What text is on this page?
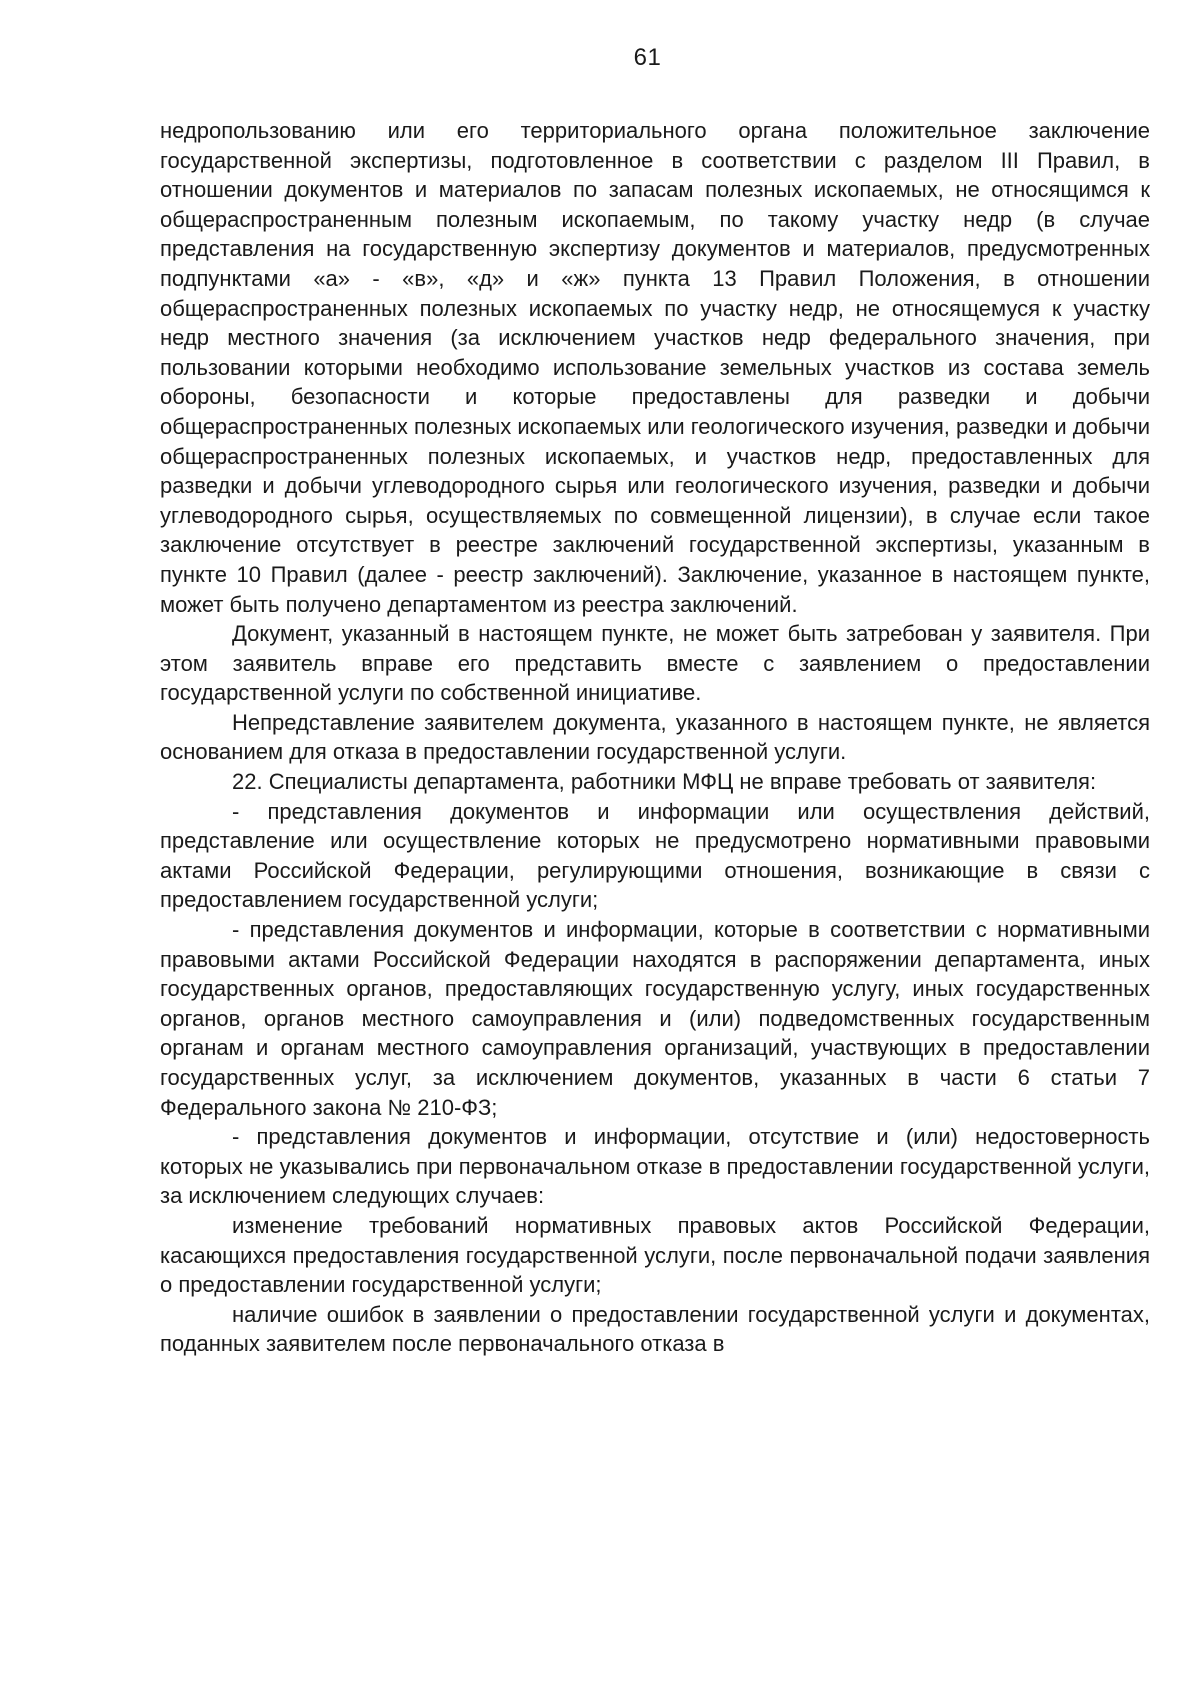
61

недропользованию или его территориального органа положительное заключение государственной экспертизы, подготовленное в соответствии с разделом III Правил, в отношении документов и материалов по запасам полезных ископаемых, не относящимся к общераспространенным полезным ископаемым, по такому участку недр (в случае представления на государственную экспертизу документов и материалов, предусмотренных подпунктами «а» - «в», «д» и «ж» пункта 13 Правил Положения, в отношении общераспространенных полезных ископаемых по участку недр, не относящемуся к участку недр местного значения (за исключением участков недр федерального значения, при пользовании которыми необходимо использование земельных участков из состава земель обороны, безопасности и которые предоставлены для разведки и добычи общераспространенных полезных ископаемых или геологического изучения, разведки и добычи общераспространенных полезных ископаемых, и участков недр, предоставленных для разведки и добычи углеводородного сырья или геологического изучения, разведки и добычи углеводородного сырья, осуществляемых по совмещенной лицензии), в случае если такое заключение отсутствует в реестре заключений государственной экспертизы, указанным в пункте 10 Правил (далее - реестр заключений). Заключение, указанное в настоящем пункте, может быть получено департаментом из реестра заключений.

Документ, указанный в настоящем пункте, не может быть затребован у заявителя. При этом заявитель вправе его представить вместе с заявлением о предоставлении государственной услуги по собственной инициативе.

Непредставление заявителем документа, указанного в настоящем пункте, не является основанием для отказа в предоставлении государственной услуги.

22. Специалисты департамента, работники МФЦ не вправе требовать от заявителя:

- представления документов и информации или осуществления действий, представление или осуществление которых не предусмотрено нормативными правовыми актами Российской Федерации, регулирующими отношения, возникающие в связи с предоставлением государственной услуги;

- представления документов и информации, которые в соответствии с нормативными правовыми актами Российской Федерации находятся в распоряжении департамента, иных государственных органов, предоставляющих государственную услугу, иных государственных органов, органов местного самоуправления и (или) подведомственных государственным органам и органам местного самоуправления организаций, участвующих в предоставлении государственных услуг, за исключением документов, указанных в части 6 статьи 7 Федерального закона № 210-ФЗ;

- представления документов и информации, отсутствие и (или) недостоверность которых не указывались при первоначальном отказе в предоставлении государственной услуги, за исключением следующих случаев:

изменение требований нормативных правовых актов Российской Федерации, касающихся предоставления государственной услуги, после первоначальной подачи заявления о предоставлении государственной услуги;

наличие ошибок в заявлении о предоставлении государственной услуги и документах, поданных заявителем после первоначального отказа в
